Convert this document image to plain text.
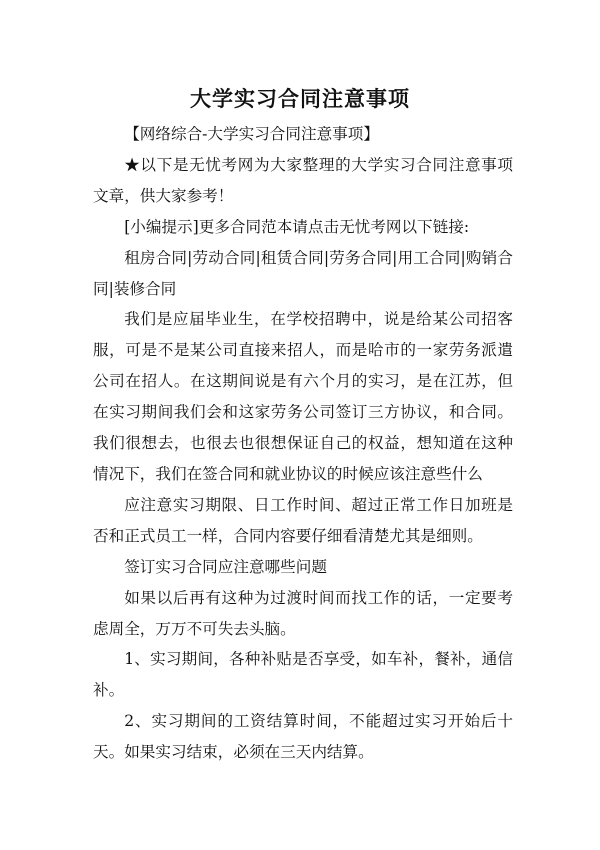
大学实习合同注意事项

【网络综合-大学实习合同注意事项】

★以下是无忧考网为大家整理的大学实习合同注意事项文章，供大家参考！

[小编提示]更多合同范本请点击无忧考网以下链接:

租房合同|劳动合同|租赁合同|劳务合同|用工合同|购销合同|装修合同

我们是应届毕业生，在学校招聘中，说是给某公司招客服，可是不是某公司直接来招人，而是哈市的一家劳务派遣公司在招人。在这期间说是有六个月的实习，是在江苏，但在实习期间我们会和这家劳务公司签订三方协议，和合同。我们很想去，也很去也很想保证自己的权益，想知道在这种情况下，我们在签合同和就业协议的时候应该注意些什么

应注意实习期限、日工作时间、超过正常工作日加班是否和正式员工一样，合同内容要仔细看清楚尤其是细则。

签订实习合同应注意哪些问题

如果以后再有这种为过渡时间而找工作的话，一定要考虑周全，万万不可失去头脑。

1、实习期间，各种补贴是否享受，如车补，餐补，通信补。

2、实习期间的工资结算时间，不能超过实习开始后十天。如果实习结束，必须在三天内结算。
